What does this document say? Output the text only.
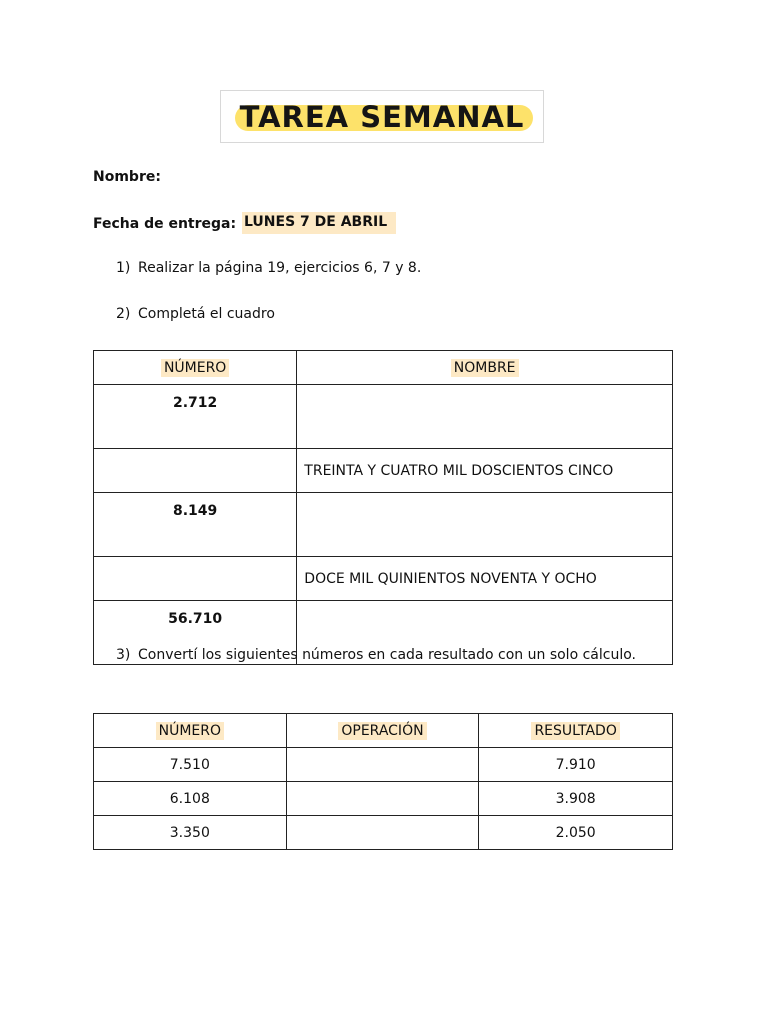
TAREA SEMANAL
Nombre:
Fecha de entrega: LUNES 7 DE ABRIL
1) Realizar la página 19, ejercicios 6, 7 y 8.
2) Completá el cuadro
NÚMERO	NOMBRE
2.712	
	TREINTA Y CUATRO MIL DOSCIENTOS CINCO
8.149	
	DOCE MIL QUINIENTOS NOVENTA Y OCHO
56.710	
3) Convertí los siguientes números en cada resultado con un solo cálculo.
NÚMERO	OPERACIÓN	RESULTADO
7.510		7.910
6.108		3.908
3.350		2.050
